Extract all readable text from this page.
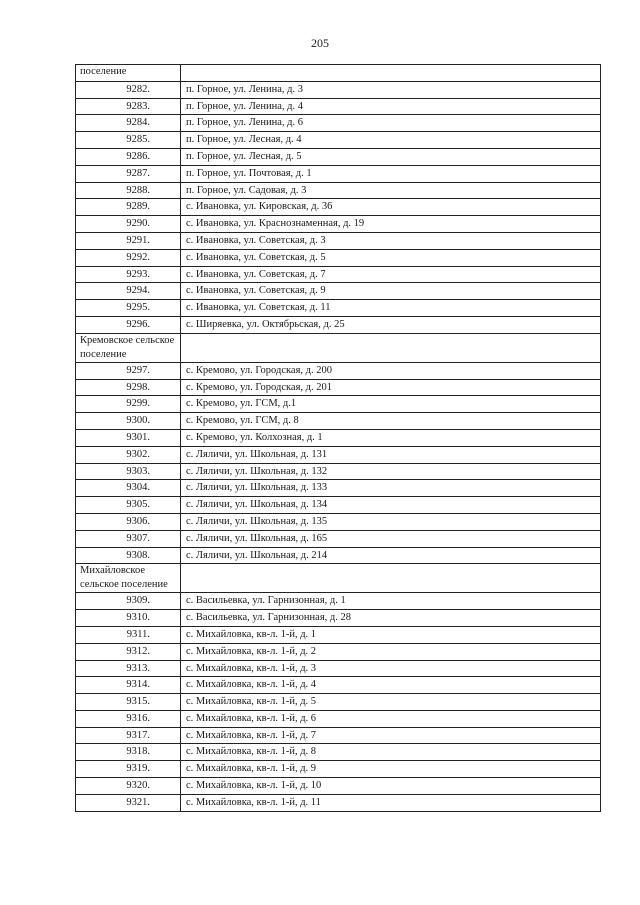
205
поселение	
9282.	п. Горное, ул. Ленина, д. 3
9283.	п. Горное, ул. Ленина, д. 4
9284.	п. Горное, ул. Ленина, д. 6
9285.	п. Горное, ул. Лесная, д. 4
9286.	п. Горное, ул. Лесная, д. 5
9287.	п. Горное, ул. Почтовая, д. 1
9288.	п. Горное, ул. Садовая, д. 3
9289.	с. Ивановка, ул. Кировская, д. 36
9290.	с. Ивановка, ул. Краснознаменная, д. 19
9291.	с. Ивановка, ул. Советская, д. 3
9292.	с. Ивановка, ул. Советская, д. 5
9293.	с. Ивановка, ул. Советская, д. 7
9294.	с. Ивановка, ул. Советская, д. 9
9295.	с. Ивановка, ул. Советская, д. 11
9296.	с. Ширяевка, ул. Октябрьская, д. 25
Кремовское сельское поселение	
9297.	с. Кремово, ул. Городская, д. 200
9298.	с. Кремово, ул. Городская, д. 201
9299.	с. Кремово, ул. ГСМ, д.1
9300.	с. Кремово, ул. ГСМ, д. 8
9301.	с. Кремово, ул. Колхозная, д. 1
9302.	с. Ляличи, ул. Школьная, д. 131
9303.	с. Ляличи, ул. Школьная, д. 132
9304.	с. Ляличи, ул. Школьная, д. 133
9305.	с. Ляличи, ул. Школьная, д. 134
9306.	с. Ляличи, ул. Школьная, д. 135
9307.	с. Ляличи, ул. Школьная, д. 165
9308.	с. Ляличи, ул. Школьная, д. 214
Михайловское сельское поселение	
9309.	с. Васильевка, ул. Гарнизонная, д. 1
9310.	с. Васильевка, ул. Гарнизонная, д. 28
9311.	с. Михайловка, кв-л. 1-й, д. 1
9312.	с. Михайловка, кв-л. 1-й, д. 2
9313.	с. Михайловка, кв-л. 1-й, д. 3
9314.	с. Михайловка, кв-л. 1-й, д. 4
9315.	с. Михайловка, кв-л. 1-й, д. 5
9316.	с. Михайловка, кв-л. 1-й, д. 6
9317.	с. Михайловка, кв-л. 1-й, д. 7
9318.	с. Михайловка, кв-л. 1-й, д. 8
9319.	с. Михайловка, кв-л. 1-й, д. 9
9320.	с. Михайловка, кв-л. 1-й, д. 10
9321.	с. Михайловка, кв-л. 1-й, д. 11
